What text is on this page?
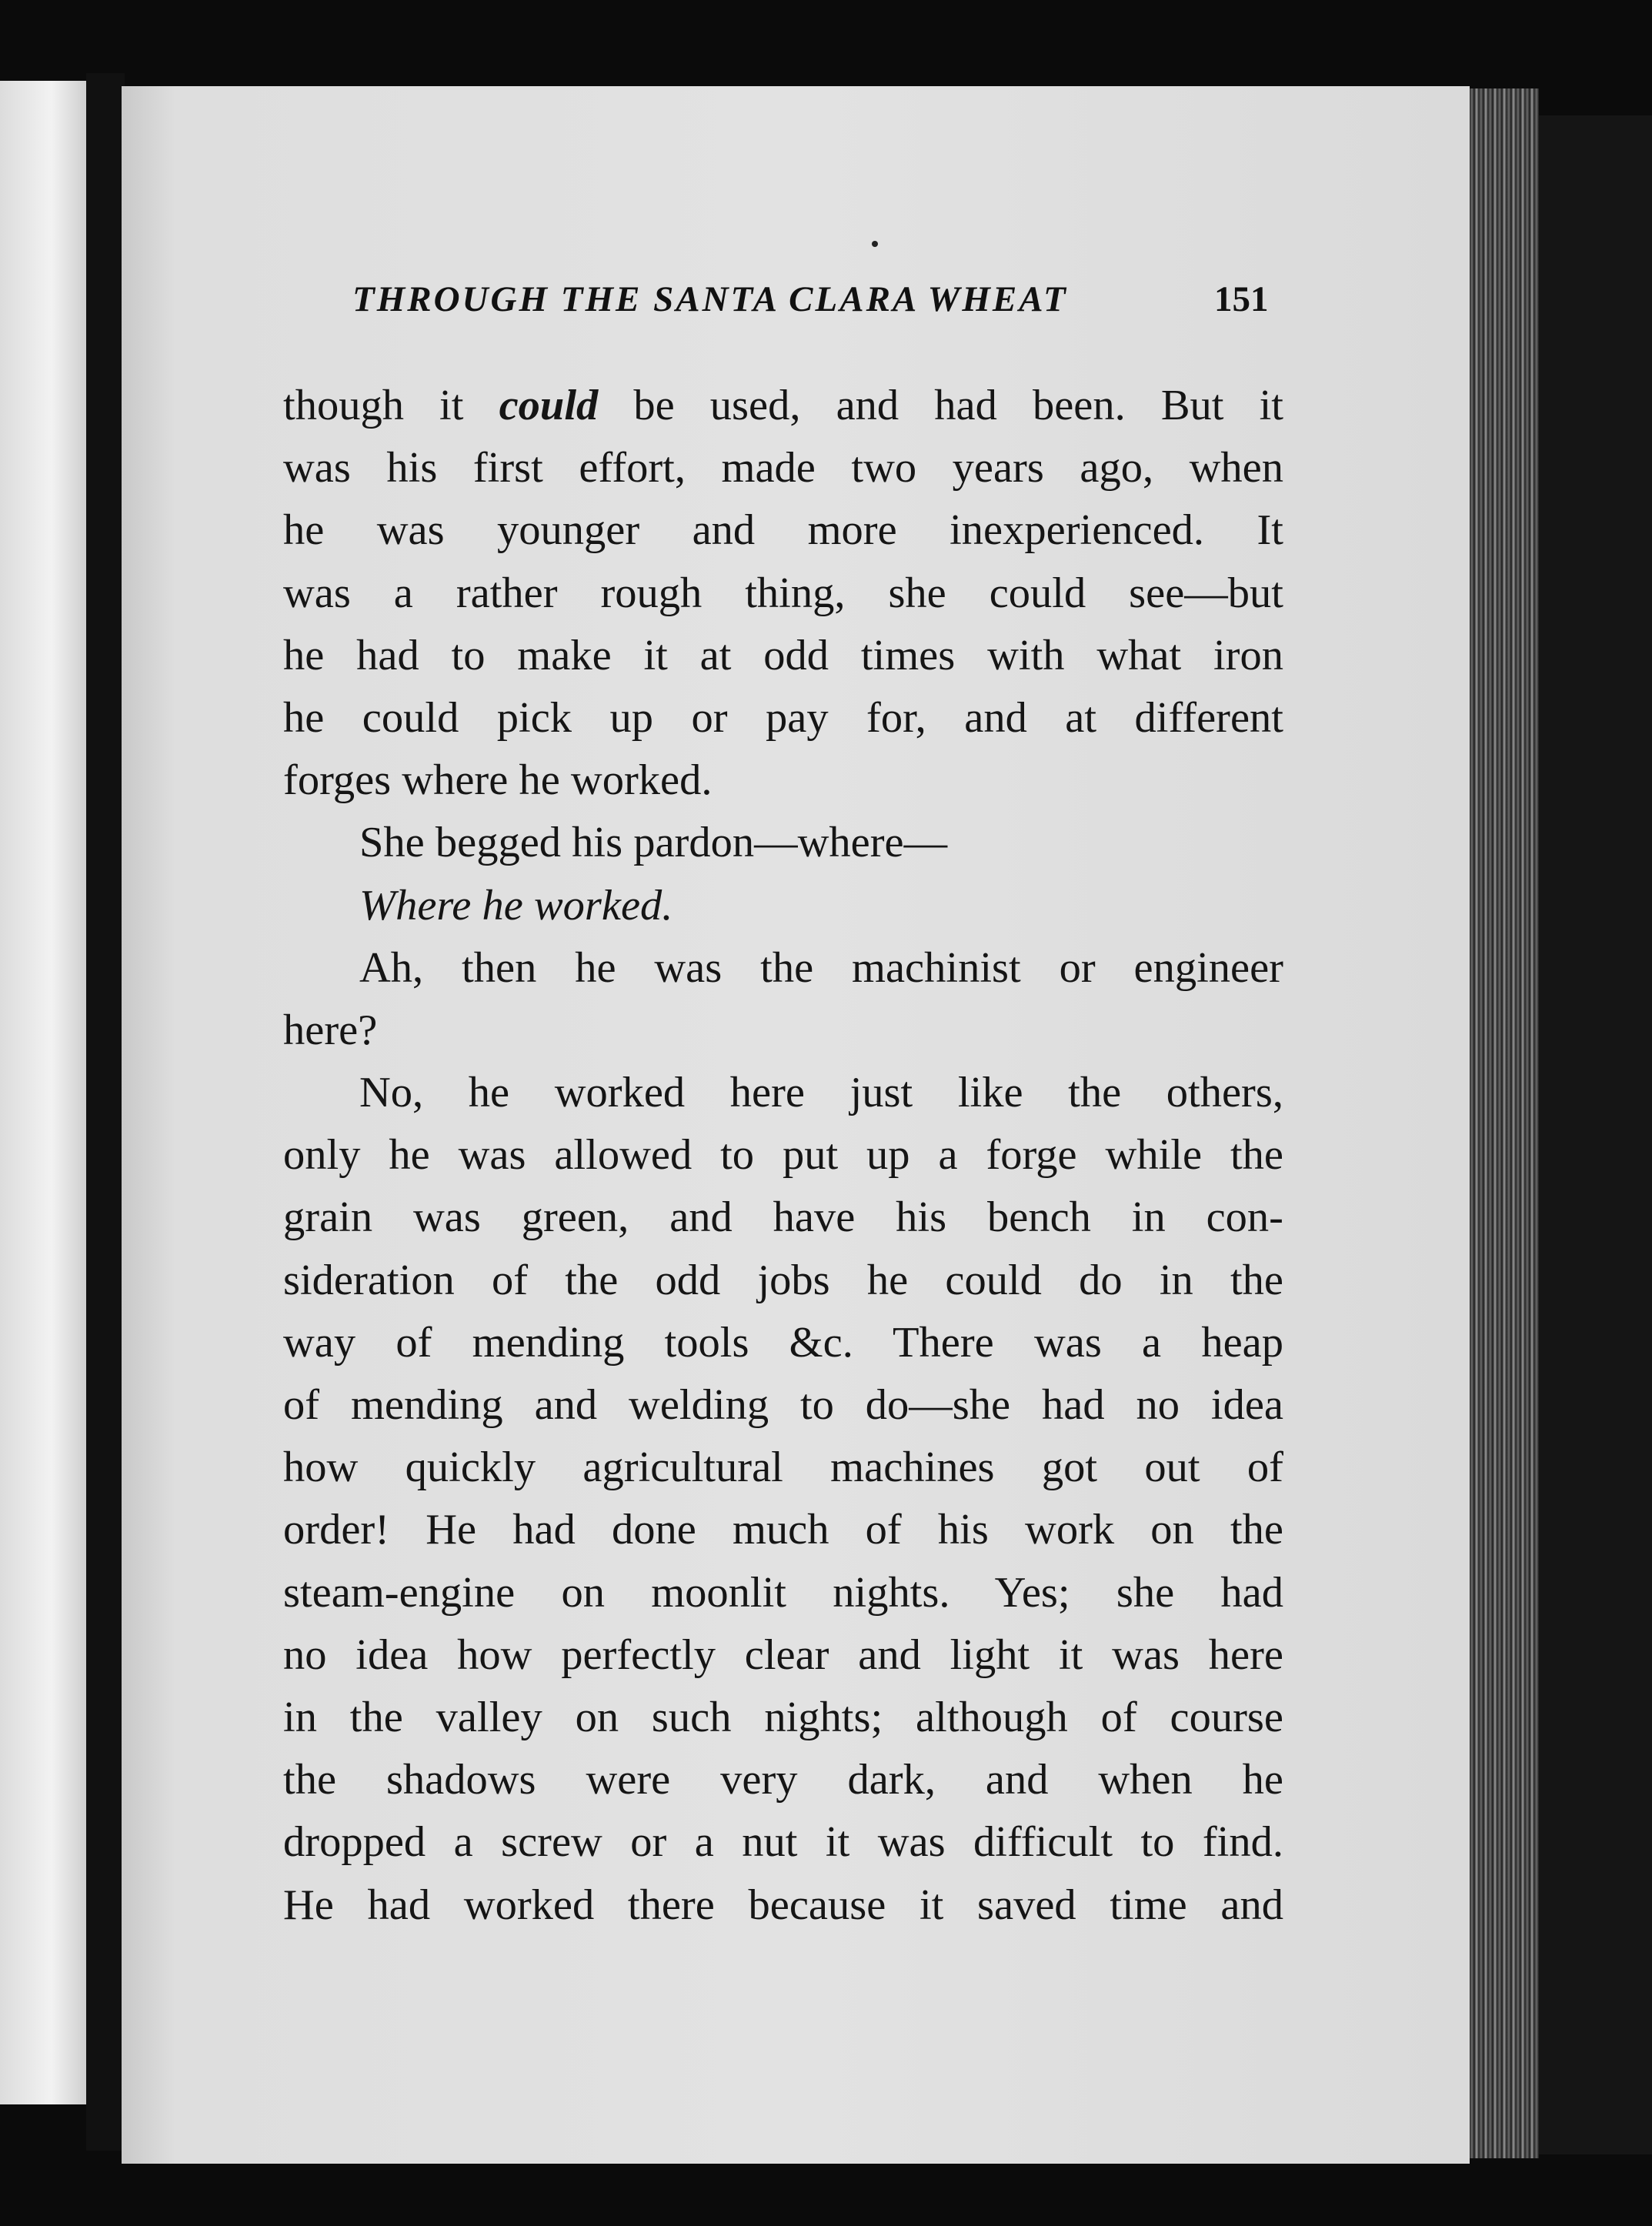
THROUGH THE SANTA CLARA WHEAT	151
though it could be used, and had been. But it
was his first effort, made two years ago, when
he was younger and more inexperienced. It
was a rather rough thing, she could see—but
he had to make it at odd times with what iron
he could pick up or pay for, and at different
forges where he worked.
She begged his pardon—where—
Where he worked.
Ah, then he was the machinist or engineer
here?
No, he worked here just like the others,
only he was allowed to put up a forge while the
grain was green, and have his bench in con-
sideration of the odd jobs he could do in the
way of mending tools &c. There was a heap
of mending and welding to do—she had no idea
how quickly agricultural machines got out of
order! He had done much of his work on the
steam-engine on moonlit nights. Yes; she had
no idea how perfectly clear and light it was here
in the valley on such nights; although of course
the shadows were very dark, and when he
dropped a screw or a nut it was difficult to find.
He had worked there because it saved time and
